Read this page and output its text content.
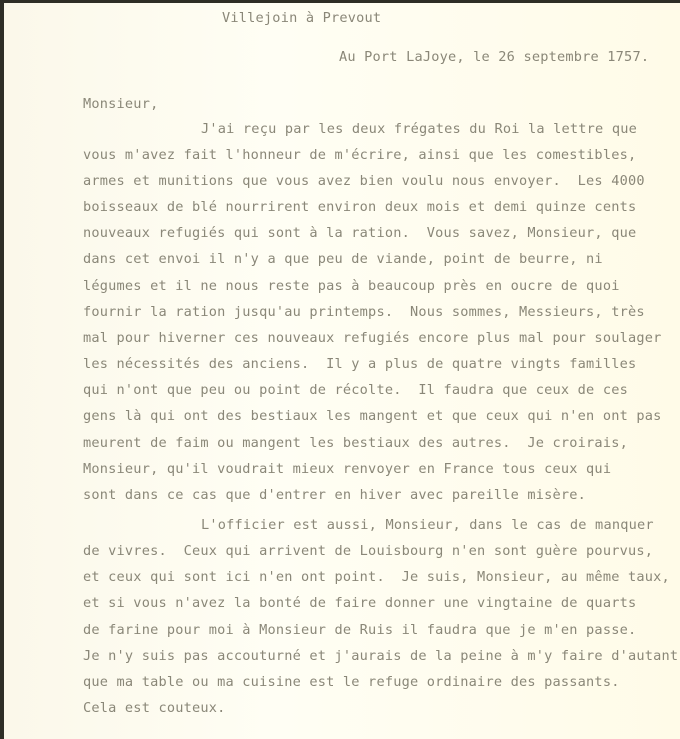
Villejoin à Prevout
Au Port LaJoye, le 26 septembre 1757.
Monsieur,
J'ai reçu par les deux frégates du Roi la lettre que
vous m'avez fait l'honneur de m'écrire, ainsi que les comestibles,
armes et munitions que vous avez bien voulu nous envoyer.  Les 4000
boisseaux de blé nourrirent environ deux mois et demi quinze cents
nouveaux refugiés qui sont à la ration.  Vous savez, Monsieur, que
dans cet envoi il n'y a que peu de viande, point de beurre, ni
légumes et il ne nous reste pas à beaucoup près en oucre de quoi
fournir la ration jusqu'au printemps.  Nous sommes, Messieurs, très
mal pour hiverner ces nouveaux refugiés encore plus mal pour soulager
les nécessités des anciens.  Il y a plus de quatre vingts familles
qui n'ont que peu ou point de récolte.  Il faudra que ceux de ces
gens là qui ont des bestiaux les mangent et que ceux qui n'en ont pas
meurent de faim ou mangent les bestiaux des autres.  Je croirais,
Monsieur, qu'il voudrait mieux renvoyer en France tous ceux qui
sont dans ce cas que d'entrer en hiver avec pareille misère.
L'officier est aussi, Monsieur, dans le cas de manquer
de vivres.  Ceux qui arrivent de Louisbourg n'en sont guère pourvus,
et ceux qui sont ici n'en ont point.  Je suis, Monsieur, au même taux,
et si vous n'avez la bonté de faire donner une vingtaine de quarts
de farine pour moi à Monsieur de Ruis il faudra que je m'en passe.
Je n'y suis pas accouturné et j'aurais de la peine à m'y faire d'autant
que ma table ou ma cuisine est le refuge ordinaire des passants.
Cela est couteux.
